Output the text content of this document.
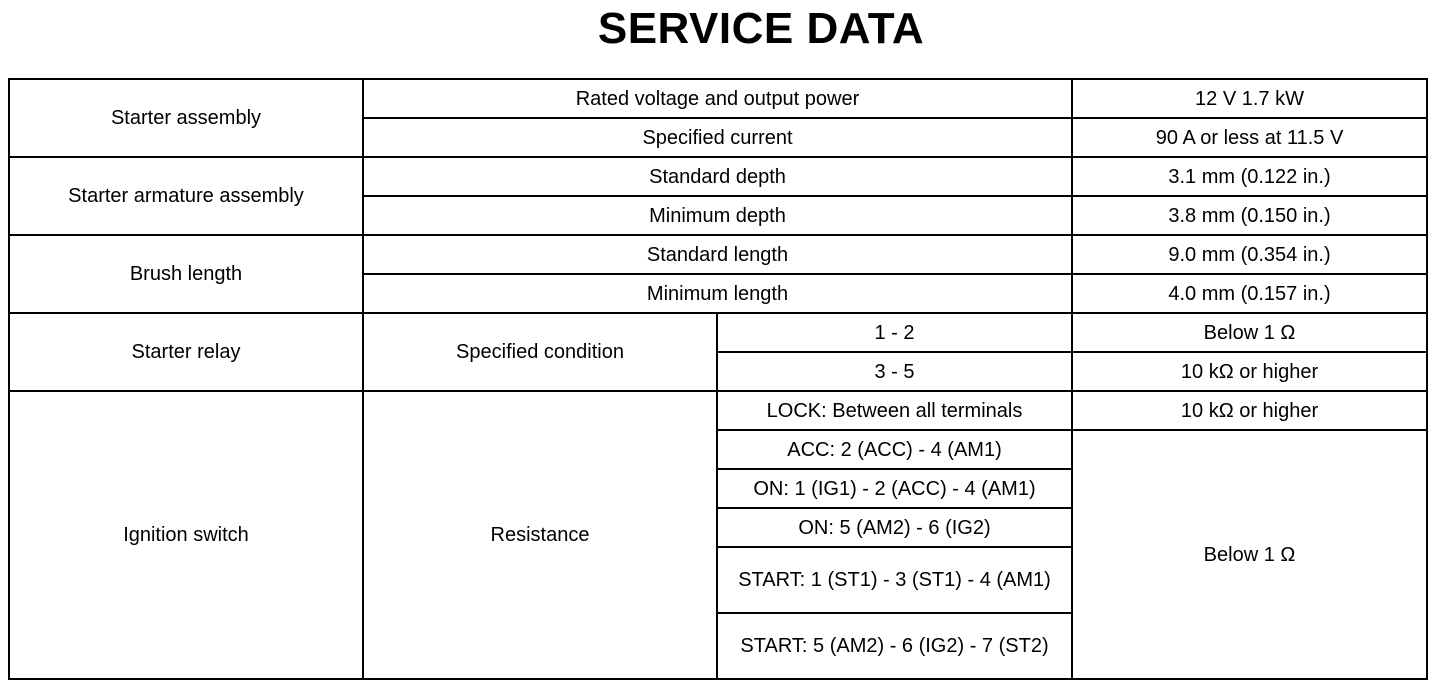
SERVICE DATA
Starter assembly	Rated voltage and output power		12 V 1.7 kW
	Specified current		90 A or less at 11.5 V
Starter armature assembly	Standard depth		3.1 mm (0.122 in.)
	Minimum depth		3.8 mm (0.150 in.)
Brush length	Standard length		9.0 mm (0.354 in.)
	Minimum length		4.0 mm (0.157 in.)
Starter relay	Specified condition	1 - 2	Below 1 Ω
		3 - 5	10 kΩ or higher
Ignition switch	Resistance	LOCK: Between all terminals	10 kΩ or higher
		ACC: 2 (ACC) - 4 (AM1)	Below 1 Ω
		ON: 1 (IG1) - 2 (ACC) - 4 (AM1)	
		ON: 5 (AM2) - 6 (IG2)	
		START: 1 (ST1) - 3 (ST1) - 4 (AM1)	
		START: 5 (AM2) - 6 (IG2) - 7 (ST2)	
